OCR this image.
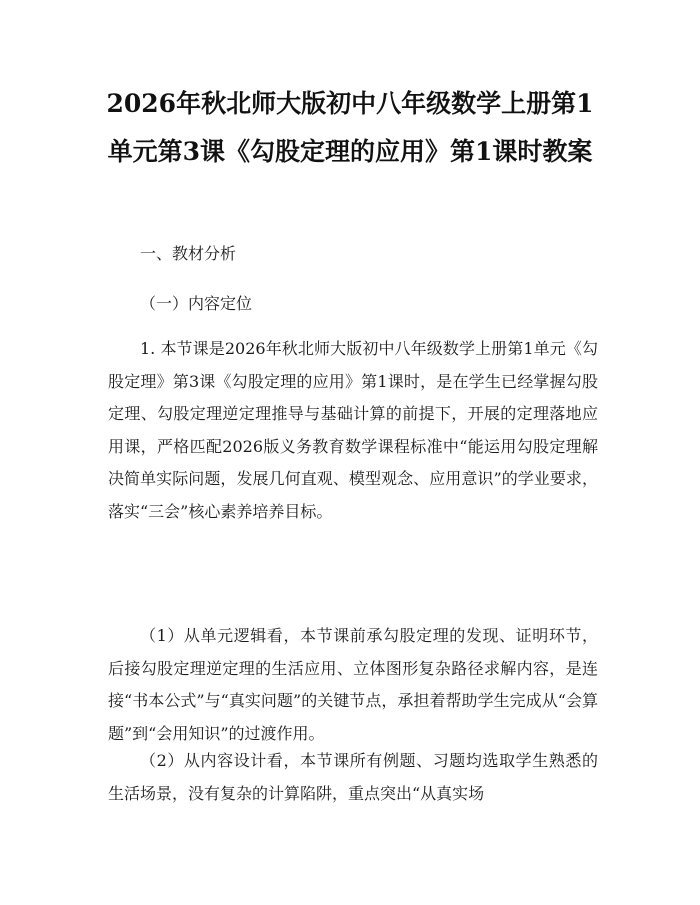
2026年秋北师大版初中八年级数学上册第1单元第3课《勾股定理的应用》第1课时教案
一、教材分析
（一）内容定位

1. 本节课是2026年秋北师大版初中八年级数学上册第1单元《勾股定理》第3课《勾股定理的应用》第1课时，是在学生已经掌握勾股定理、勾股定理逆定理推导与基础计算的前提下，开展的定理落地应用课，严格匹配2026版义务教育数学课程标准中“能运用勾股定理解决简单实际问题，发展几何直观、模型观念、应用意识”的学业要求，落实“三会”核心素养培养目标。

（1）从单元逻辑看，本节课前承勾股定理的发现、证明环节，后接勾股定理逆定理的生活应用、立体图形复杂路径求解内容，是连接“书本公式”与“真实问题”的关键节点，承担着帮助学生完成从“会算题”到“会用知识”的过渡作用。

（2）从内容设计看，本节课所有例题、习题均选取学生熟悉的生活场景，没有复杂的计算陷阱，重点突出“从真实场
